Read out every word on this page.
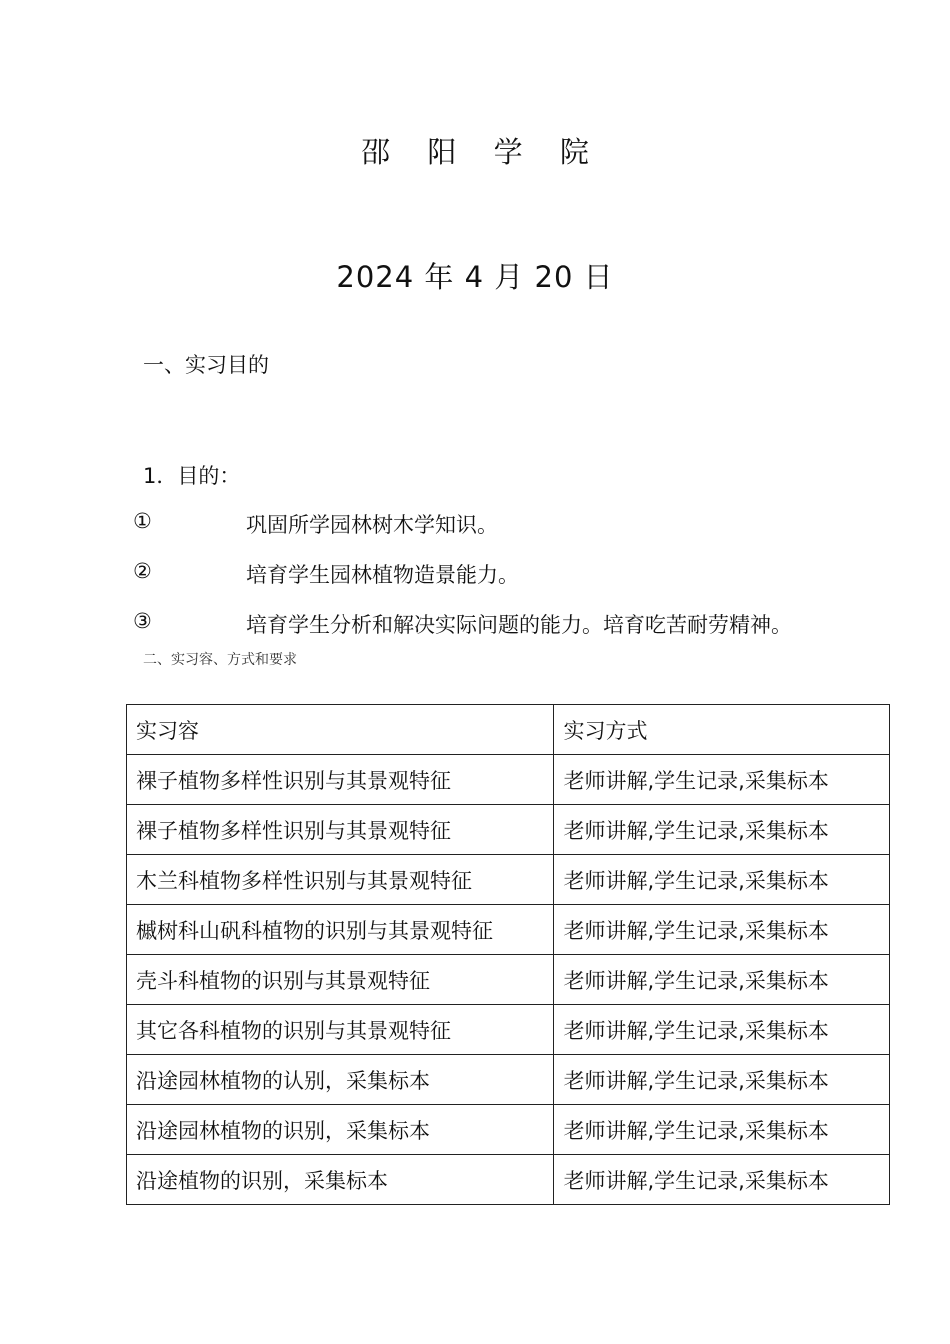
邵 阳 学 院
2024 年 4 月 20 日
一、实习目的
1．目的：
①	巩固所学园林树木学知识。
②	培育学生园林植物造景能力。
③	培育学生分析和解决实际问题的能力。培育吃苦耐劳精神。
二、实习容、方式和要求
实习容	实习方式
裸子植物多样性识别与其景观特征	老师讲解,学生记录,采集标本
裸子植物多样性识别与其景观特征	老师讲解,学生记录,采集标本
木兰科植物多样性识别与其景观特征	老师讲解,学生记录,采集标本
槭树科山矾科植物的识别与其景观特征	老师讲解,学生记录,采集标本
壳斗科植物的识别与其景观特征	老师讲解,学生记录,采集标本
其它各科植物的识别与其景观特征	老师讲解,学生记录,采集标本
沿途园林植物的认别，采集标本	老师讲解,学生记录,采集标本
沿途园林植物的识别，采集标本	老师讲解,学生记录,采集标本
沿途植物的识别，采集标本	老师讲解,学生记录,采集标本
